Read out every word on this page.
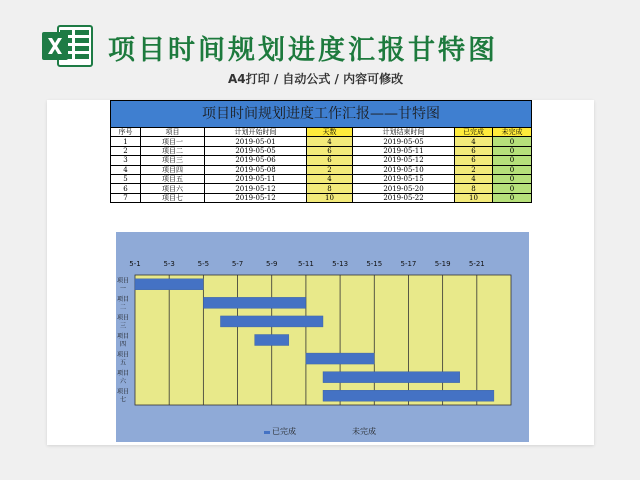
项目时间规划进度汇报甘特图
A4打印 / 自动公式 / 内容可修改
项目时间规划进度工作汇报——甘特图						
序号	项目	计划开始时间	天数	计划结束时间	已完成	未完成
1	项目一	2019-05-01	4	2019-05-05	4	0
2	项目二	2019-05-05	6	2019-05-11	6	0
3	项目三	2019-05-06	6	2019-05-12	6	0
4	项目四	2019-05-08	2	2019-05-10	2	0
5	项目五	2019-05-11	4	2019-05-15	4	0
6	项目六	2019-05-12	8	2019-05-20	8	0
7	项目七	2019-05-12	10	2019-05-22	10	0
5-1	5-3	5-5	5-7	5-9	5-11	5-13	5-15	5-17	5-19	5-21
项目
一
项目
二
项目
三
项目
四
项目
五
项目
六
项目
七
已完成	未完成
